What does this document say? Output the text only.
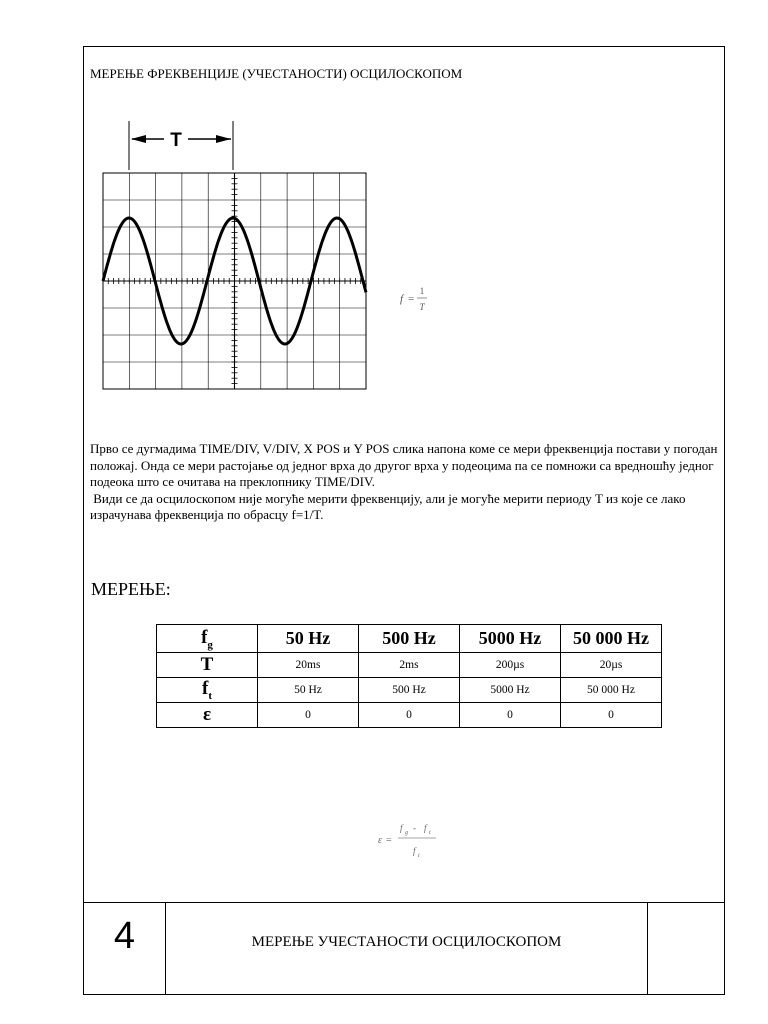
МЕРЕЊЕ ФРЕКВЕНЦИЈЕ (УЧЕСТАНОСТИ) ОСЦИЛОСКОПОМ
T
f =
1
T

Прво се дугмадима TIME/DIV, V/DIV, X POS и Y POS слика напона коме се мери фреквенција постави у погодан положај. Онда се мери растојање од једног врха до другог врха у подеоцима па се помножи са вредношћу једног подеока што се очитава на преклопнику TIME/DIV.

Види се да осцилоскопом није могуће мерити фреквенцију, али је могуће мерити периоду T из које се лако израчунава фреквенција по обрасцу f=1/T.

МЕРЕЊЕ:
$f_g$	50 Hz	500 Hz	5000 Hz	50 000 Hz
T	20ms	2ms	200µs	20µs
$f_t$	50 Hz	500 Hz	5000 Hz	50 000 Hz
ε	0	0	0	0
ε =
f g - f t
f t
4	МЕРЕЊЕ УЧЕСТАНОСТИ ОСЦИЛОСКОПОМ
